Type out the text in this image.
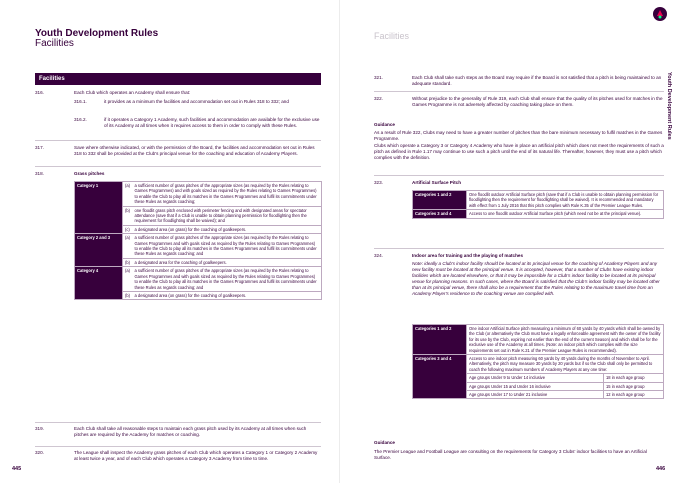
Youth Development Rules
Facilities
Facilities
316.	Each Club which operates an Academy shall ensure that:
316.1.	it provides as a minimum the facilities and accommodation set out in Rules 318 to 332; and
316.2.	if it operates a Category 1 Academy, such facilities and accommodation are available for the exclusive use of its Academy at all times when it requires access to them in order to comply with these Rules.
317.	Save where otherwise indicated, or with the permission of the Board, the facilities and accommodation set out in Rules 318 to 332 shall be provided at the Club's principal venue for the coaching and education of Academy Players.
318.	Grass pitches
Category 1	(a)	a sufficient number of grass pitches of the appropriate sizes (as required by the Rules relating to Games Programmes) and with goals sized as required by the Rules relating to Games Programmes) to enable the Club to play all its matches in the Games Programmes and fulfil its commitments under these Rules as regards coaching;
	(b)	one floodlit grass pitch enclosed with perimeter fencing and with designated areas for spectator attendance (save that if a Club is unable to obtain planning permission for floodlighting then the requirement for floodlighting shall be waived); and
	(c)	a designated area (on grass) for the coaching of goalkeepers.
Category 2 and 3	(a)	a sufficient number of grass pitches of the appropriate sizes (as required by the Rules relating to Games Programmes and with goals sized as required by the Rules relating to Games Programmes) to enable the Club to play all its matches in the Games Programmes and fulfil its commitments under these Rules as regards coaching; and
	(b)	a designated area for the coaching of goalkeepers.
Category 4	(a)	a sufficient number of grass pitches of the appropriate sizes (as required by the Rules relating to Games Programmes and with goals sized as required by the Rules relating to Games Programmes) to enable the Club to play all its matches in the Games Programmes and fulfil its commitments under these Rules as regards coaching; and
	(b)	a designated area (on grass) for the coaching of goalkeepers.
319.	Each Club shall take all reasonable steps to maintain each grass pitch used by its Academy at all times when such pitches are required by the Academy for matches or coaching.
320.	The League shall inspect the Academy grass pitches of each Club which operates a Category 1 or Category 2 Academy at least twice a year, and of each Club which operates a Category 3 Academy from time to time.
445
Facilities
Youth Development Rules
321.	Each Club shall take such steps as the Board may require if the Board is not satisfied that a pitch is being maintained to an adequate standard.
322.	Without prejudice to the generality of Rule 319, each Club shall ensure that the quality of its pitches used for matches in the Games Programme is not adversely affected by coaching taking place on them.
Guidance
As a result of Rule 322, Clubs may need to have a greater number of pitches than the bare minimum necessary to fulfil matches in the Games Programme.
Clubs which operate a Category 3 or Category 4 Academy who have in place an artificial pitch which does not meet the requirements of such a pitch as defined in Rule 1.17 may continue to use such a pitch until the end of its natural life. Thereafter, however, they must use a pitch which complies with the definition.
323.	Artificial Surface Pitch
Categories 1 and 2	One floodlit outdoor Artificial Surface pitch (save that if a Club is unable to obtain planning permission for floodlighting then the requirement for floodlighting shall be waived). It is recommended and mandatory with effect from 1 July 2016 that this pitch complies with Rule K.35 of the Premier League Rules.
Categories 3 and 4	Access to one floodlit outdoor Artificial Surface pitch (which need not be at the principal venue).
324.	Indoor area for training and the playing of matches
Note: ideally a Club's indoor facility should be located at its principal venue for the coaching of Academy Players and any new facility must be located at the principal venue. It is accepted, however, that a number of Clubs have existing indoor facilities which are located elsewhere, or that it may be impossible for a Club's indoor facility to be located at its principal venue for planning reasons. In such cases, where the Board is satisfied that the Club's indoor facility may be located other than at its principal venue, there shall also be a requirement that the Rules relating to the maximum travel time from an Academy Player's residence to the coaching venue are complied with.
Categories 1 and 2	One indoor Artificial Surface pitch measuring a minimum of 60 yards by 40 yards which shall be owned by the Club (or alternatively the Club must have a legally enforceable agreement with the owner of the facility for its use by the Club, expiring not earlier than the end of the current Season) and which shall be for the exclusive use of the Academy at all times. (Note: an indoor pitch which complies with the size requirements set out in Rule K.21 of the Premier League Rules is recommended).	
Categories 3 and 4	Access to one indoor pitch measuring 60 yards by 40 yards during the months of November to April. Alternatively, the pitch may measure 30 yards by 20 yards but if so the Club shall only be permitted to coach the following maximum numbers of Academy Players at any one time:	
	Age groups Under 9 to Under 14 inclusive	18 in each age group
	Age groups Under 15 and Under 16 inclusive	15 in each age group
	Age groups Under 17 to Under 21 inclusive	12 in each age group
Guidance
The Premier League and Football League are consulting on the requirements for Category 3 Clubs' indoor facilities to have an Artificial Surface.
446
